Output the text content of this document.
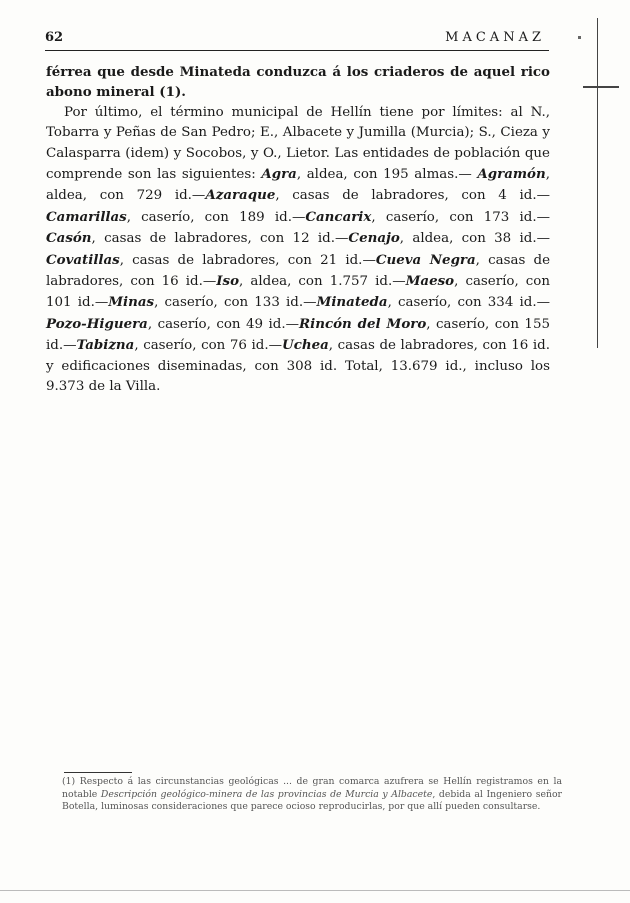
62	MACANAZ

férrea que desde Minateda conduzca á los criaderos de aquel rico abono mineral (1).

Por último, el término municipal de Hellín tiene por límites: al N., Tobarra y Peñas de San Pedro; E., Albacete y Jumilla (Murcia); S., Cieza y Calasparra (idem) y Socobos, y O., Lietor. Las entidades de población que comprende son las siguientes: Agra, aldea, con 195 almas.— Agramón, aldea, con 729 id.—Azaraque, casas de labradores, con 4 id.— Camarillas, caserío, con 189 id.—Cancarix, caserío, con 173 id.—Casón, casas de labradores, con 12 id.—Cenajo, aldea, con 38 id.—Covatillas, casas de labradores, con 21 id.—Cueva Negra, casas de labradores, con 16 id.—Iso, aldea, con 1.757 id.—Maeso, caserío, con 101 id.—Minas, caserío, con 133 id.—Minateda, caserío, con 334 id.—Pozo-Higuera, caserío, con 49 id.—Rincón del Moro, caserío, con 155 id.—Tabizna, caserío, con 76 id.—Uchea, casas de labradores, con 16 id. y edificaciones diseminadas, con 308 id. Total, 13.679 id., incluso los 9.373 de la Villa.

(1) Respecto á las circunstancias geológicas ... de gran comarca azufrera se Hellín registramos en la notable Descripción geológico-minera de las provincias de Murcia y Albacete, debida al Ingeniero señor Botella, luminosas consideraciones que parece ocioso reproducirlas, por que allí pueden consultarse.
